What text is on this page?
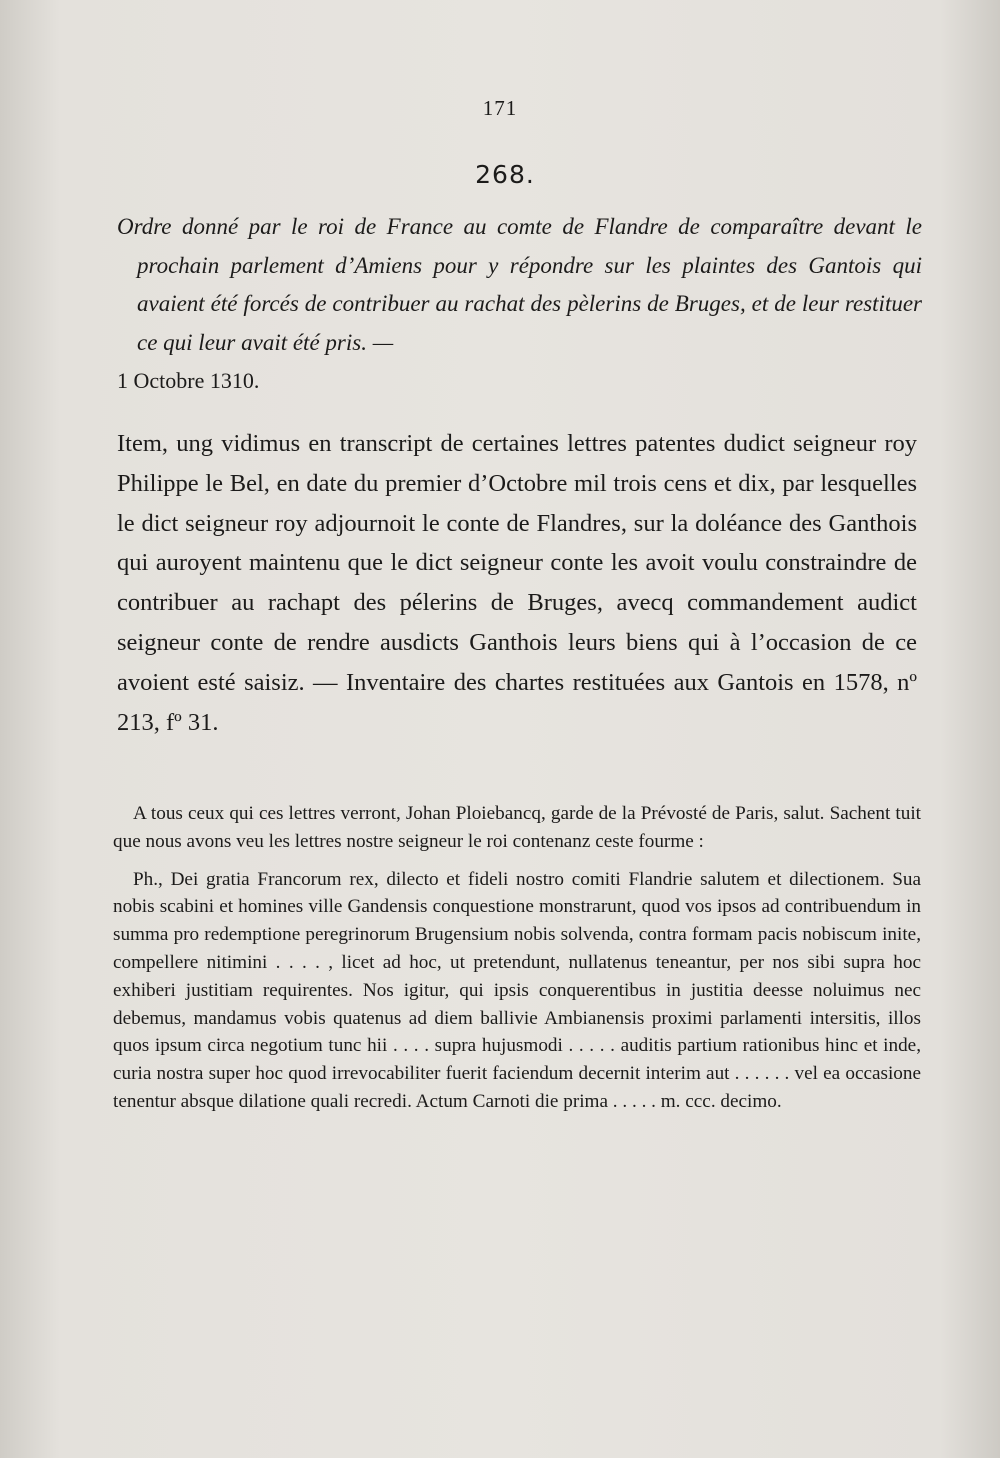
171
268.

Ordre donné par le roi de France au comte de Flandre de comparaître devant le prochain parlement d’Amiens pour y répondre sur les plaintes des Gantois qui avaient été forcés de contribuer au rachat des pèlerins de Bruges, et de leur restituer ce qui leur avait été pris. —
1 Octobre 1310.

Item, ung vidimus en transcript de certaines lettres patentes dudict seigneur roy Philippe le Bel, en date du premier d’Octobre mil trois cens et dix, par lesquelles le dict seigneur roy adjournoit le conte de Flandres, sur la doléance des Ganthois qui auroyent maintenu que le dict seigneur conte les avoit voulu constraindre de contribuer au rachapt des pélerins de Bruges, avecq commandement audict seigneur conte de rendre ausdicts Ganthois leurs biens qui à l’occasion de ce avoient esté saisiz. — Inventaire des chartes restituées aux Gantois en 1578, nº 213, fº 31.

A tous ceux qui ces lettres verront, Johan Ploiebancq, garde de la Prévosté de Paris, salut. Sachent tuit que nous avons veu les lettres nostre seigneur le roi contenanz ceste fourme :

Ph., Dei gratia Francorum rex, dilecto et fideli nostro comiti Flandrie salutem et dilectionem. Sua nobis scabini et homines ville Gandensis conquestione monstrarunt, quod vos ipsos ad contribuendum in summa pro redemptione peregrinorum Brugensium nobis solvenda, contra formam pacis nobiscum inite, compellere nitimini . . . . , licet ad hoc, ut pretendunt, nullatenus teneantur, per nos sibi supra hoc exhiberi justitiam requirentes. Nos igitur, qui ipsis conquerentibus in justitia deesse noluimus nec debemus, mandamus vobis quatenus ad diem ballivie Ambianensis proximi parlamenti intersitis, illos quos ipsum circa negotium tunc hii . . . . supra hujusmodi . . . . . auditis partium rationibus hinc et inde, curia nostra super hoc quod irrevocabiliter fuerit faciendum decernit interim aut . . . . . . vel ea occasione tenentur absque dilatione quali recredi. Actum Carnoti die prima . . . . . m. ccc. decimo.
